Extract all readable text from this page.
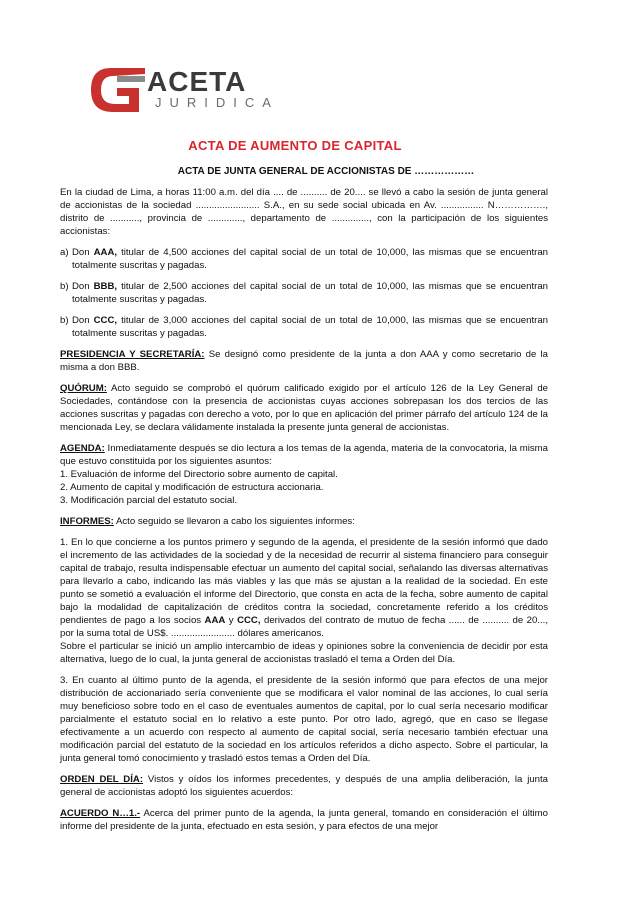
ACETA
JURIDICA
ACTA DE AUMENTO DE CAPITAL
ACTA DE JUNTA GENERAL DE ACCIONISTAS DE ………………

En la ciudad de Lima, a horas 11:00 a.m. del día .... de .......... de 20.... se llevó a cabo la sesión de junta general de accionistas de la sociedad ........................ S.A., en su sede social ubicada en Av. ................ N……………., distrito de ..........., provincia de ............., departamento de .............., con la participación de los siguientes accionistas:

a) Don AAA, titular de 4,500 acciones del capital social de un total de 10,000, las mismas que se encuentran totalmente suscritas y pagadas.
b) Don BBB, titular de 2,500 acciones del capital social de un total de 10,000, las mismas que se encuentran totalmente suscritas y pagadas.
b) Don CCC, titular de 3,000 acciones del capital social de un total de 10,000, las mismas que se encuentran totalmente suscritas y pagadas.

PRESIDENCIA Y SECRETARÍA: Se designó como presidente de la junta a don AAA y como secretario de la misma a don BBB.

QUÓRUM: Acto seguido se comprobó el quórum calificado exigido por el artículo 126 de la Ley General de Sociedades, contándose con la presencia de accionistas cuyas acciones sobrepasan los dos tercios de las acciones suscritas y pagadas con derecho a voto, por lo que en aplicación del primer párrafo del artículo 124 de la mencionada Ley, se declara válidamente instalada la presente junta general de accionistas.

AGENDA: Inmediatamente después se dio lectura a los temas de la agenda, materia de la convocatoria, la misma que estuvo constituida por los siguientes asuntos:

1. Evaluación de informe del Directorio sobre aumento de capital.

2. Aumento de capital y modificación de estructura accionaria.

3. Modificación parcial del estatuto social.

INFORMES: Acto seguido se llevaron a cabo los siguientes informes:

1. En lo que concierne a los puntos primero y segundo de la agenda, el presidente de la sesión informó que dado el incremento de las actividades de la sociedad y de la necesidad de recurrir al sistema financiero para conseguir capital de trabajo, resulta indispensable efectuar un aumento del capital social, señalando las diversas alternativas para llevarlo a cabo, indicando las más viables y las que más se ajustan a la realidad de la sociedad. En este punto se sometió a evaluación el informe del Directorio, que consta en acta de la fecha, sobre aumento de capital bajo la modalidad de capitalización de créditos contra la sociedad, concretamente referido a los créditos pendientes de pago a los socios AAA y CCC, derivados del contrato de mutuo de fecha ...... de .......... de 20..., por la suma total de US$. ........................ dólares americanos.

Sobre el particular se inició un amplio intercambio de ideas y opiniones sobre la conveniencia de decidir por esta alternativa, luego de lo cual, la junta general de accionistas trasladó el tema a Orden del Día.

3. En cuanto al último punto de la agenda, el presidente de la sesión informó que para efectos de una mejor distribución de accionariado sería conveniente que se modificara el valor nominal de las acciones, lo cual sería muy beneficioso sobre todo en el caso de eventuales aumentos de capital, por lo cual sería necesario modificar parcialmente el estatuto social en lo relativo a este punto. Por otro lado, agregó, que en caso se llegase efectivamente a un acuerdo con respecto al aumento de capital social, sería necesario también efectuar una modificación parcial del estatuto de la sociedad en los artículos referidos a dicho aspecto. Sobre el particular, la junta general tomó conocimiento y trasladó estos temas a Orden del Día.

ORDEN DEL DÍA: Vistos y oídos los informes precedentes, y después de una amplia deliberación, la junta general de accionistas adoptó los siguientes acuerdos:

ACUERDO N…1.- Acerca del primer punto de la agenda, la junta general, tomando en consideración el último informe del presidente de la junta, efectuado en esta sesión, y para efectos de una mejor
